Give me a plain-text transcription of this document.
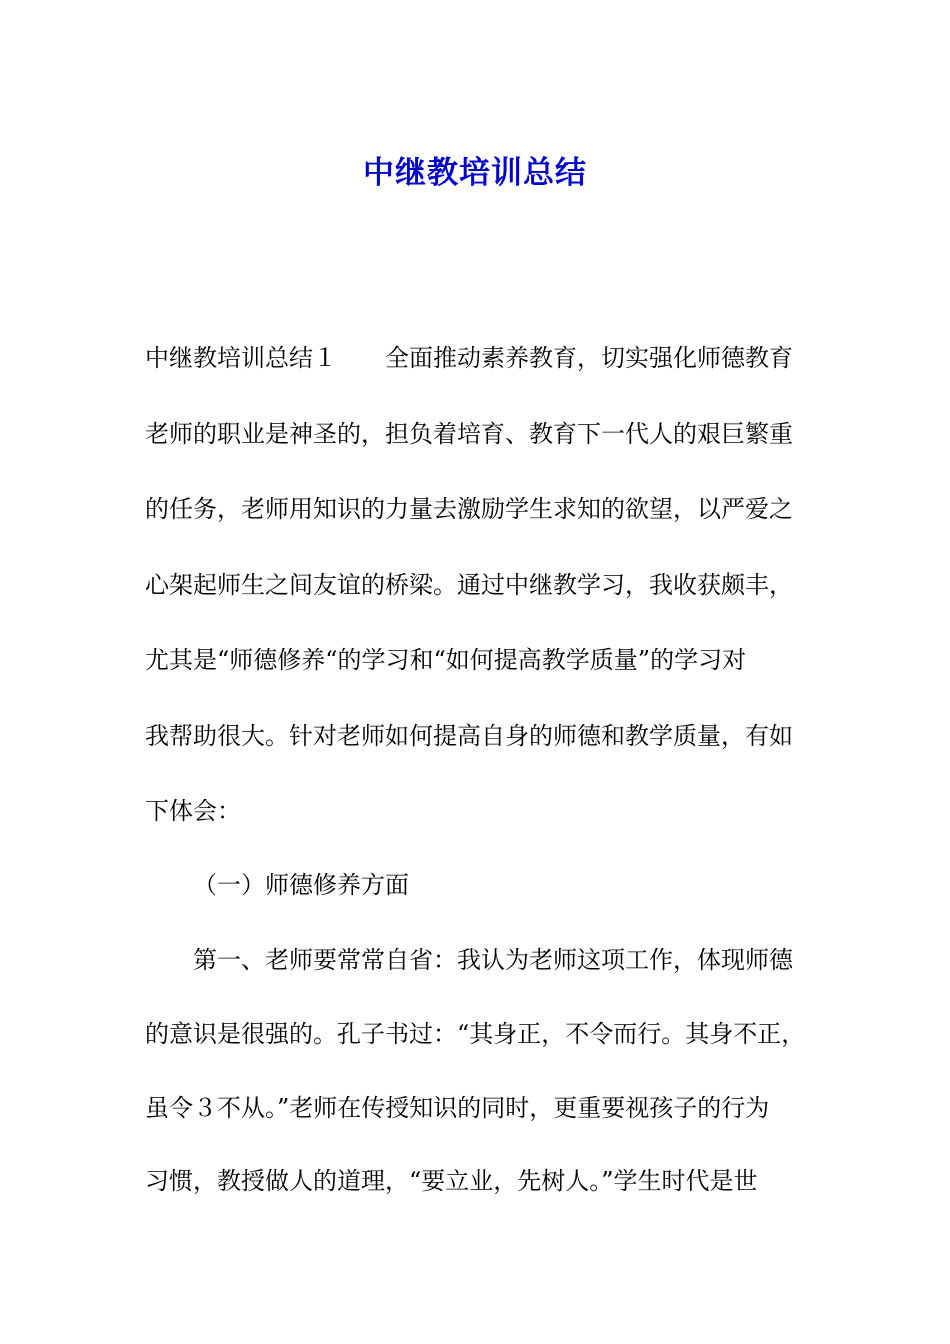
中继教培训总结
中继教培训总结１　　全面推动素养教育，切实强化师德教育
老师的职业是神圣的，担负着培育、教育下一代人的艰巨繁重
的任务，老师用知识的力量去激励学生求知的欲望，以严爱之
心架起师生之间友谊的桥梁。通过中继教学习，我收获颇丰，
尤其是“师德修养“的学习和“如何提高教学质量”的学习对
我帮助很大。针对老师如何提高自身的师德和教学质量，有如
下体会：
（一）师德修养方面
第一、老师要常常自省：我认为老师这项工作，体现师德
的意识是很强的。孔子书过：“其身正，不令而行。其身不正，
虽令３不从。”老师在传授知识的同时，更重要视孩子的行为
习惯，教授做人的道理，“要立业，先树人。”学生时代是世
